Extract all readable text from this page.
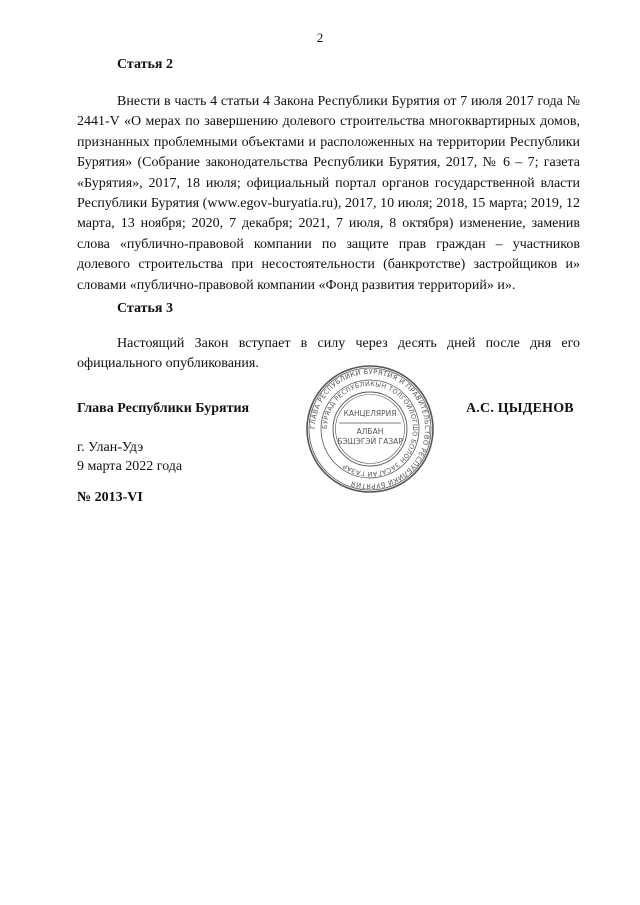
2
Статья 2

Внести в часть 4 статьи 4 Закона Республики Бурятия от 7 июля 2017 года № 2441-V «О мерах по завершению долевого строительства многоквартирных домов, признанных проблемными объектами и расположенных на территории Республики Бурятия» (Собрание законодательства Республики Бурятия, 2017, № 6 – 7; газета «Бурятия», 2017, 18 июля; официальный портал органов государственной власти Республики Бурятия (www.egov-buryatia.ru), 2017, 10 июля; 2018, 15 марта; 2019, 12 марта, 13 ноября; 2020, 7 декабря; 2021, 7 июля, 8 октября) изменение, заменив слова «публично-правовой компании по защите прав граждан – участников долевого строительства при несостоятельности (банкротстве) застройщиков и» словами «публично-правовой компании «Фонд развития территорий» и».

Статья 3

Настоящий Закон вступает в силу через десять дней после дня его официального опубликования.

Глава Республики Бурятия
ГЛАВА РЕСПУБЛИКИ БУРЯТИЯ И ПРАВИТЕЛЬСТВО РЕСПУБЛИКИ БУРЯТИЯ
БУРЯАД РЕСПУБЛИКЫН ТОЛГОЙЛОГШО БОЛОН ЗАСАГАЙ ГАЗАР
КАНЦЕЛЯРИЯ
АЛБАН
БЭШЭГЭЙ ГАЗАР
А.С. ЦЫДЕНОВ
г. Улан-Удэ
9 марта 2022 года
№ 2013-VI
